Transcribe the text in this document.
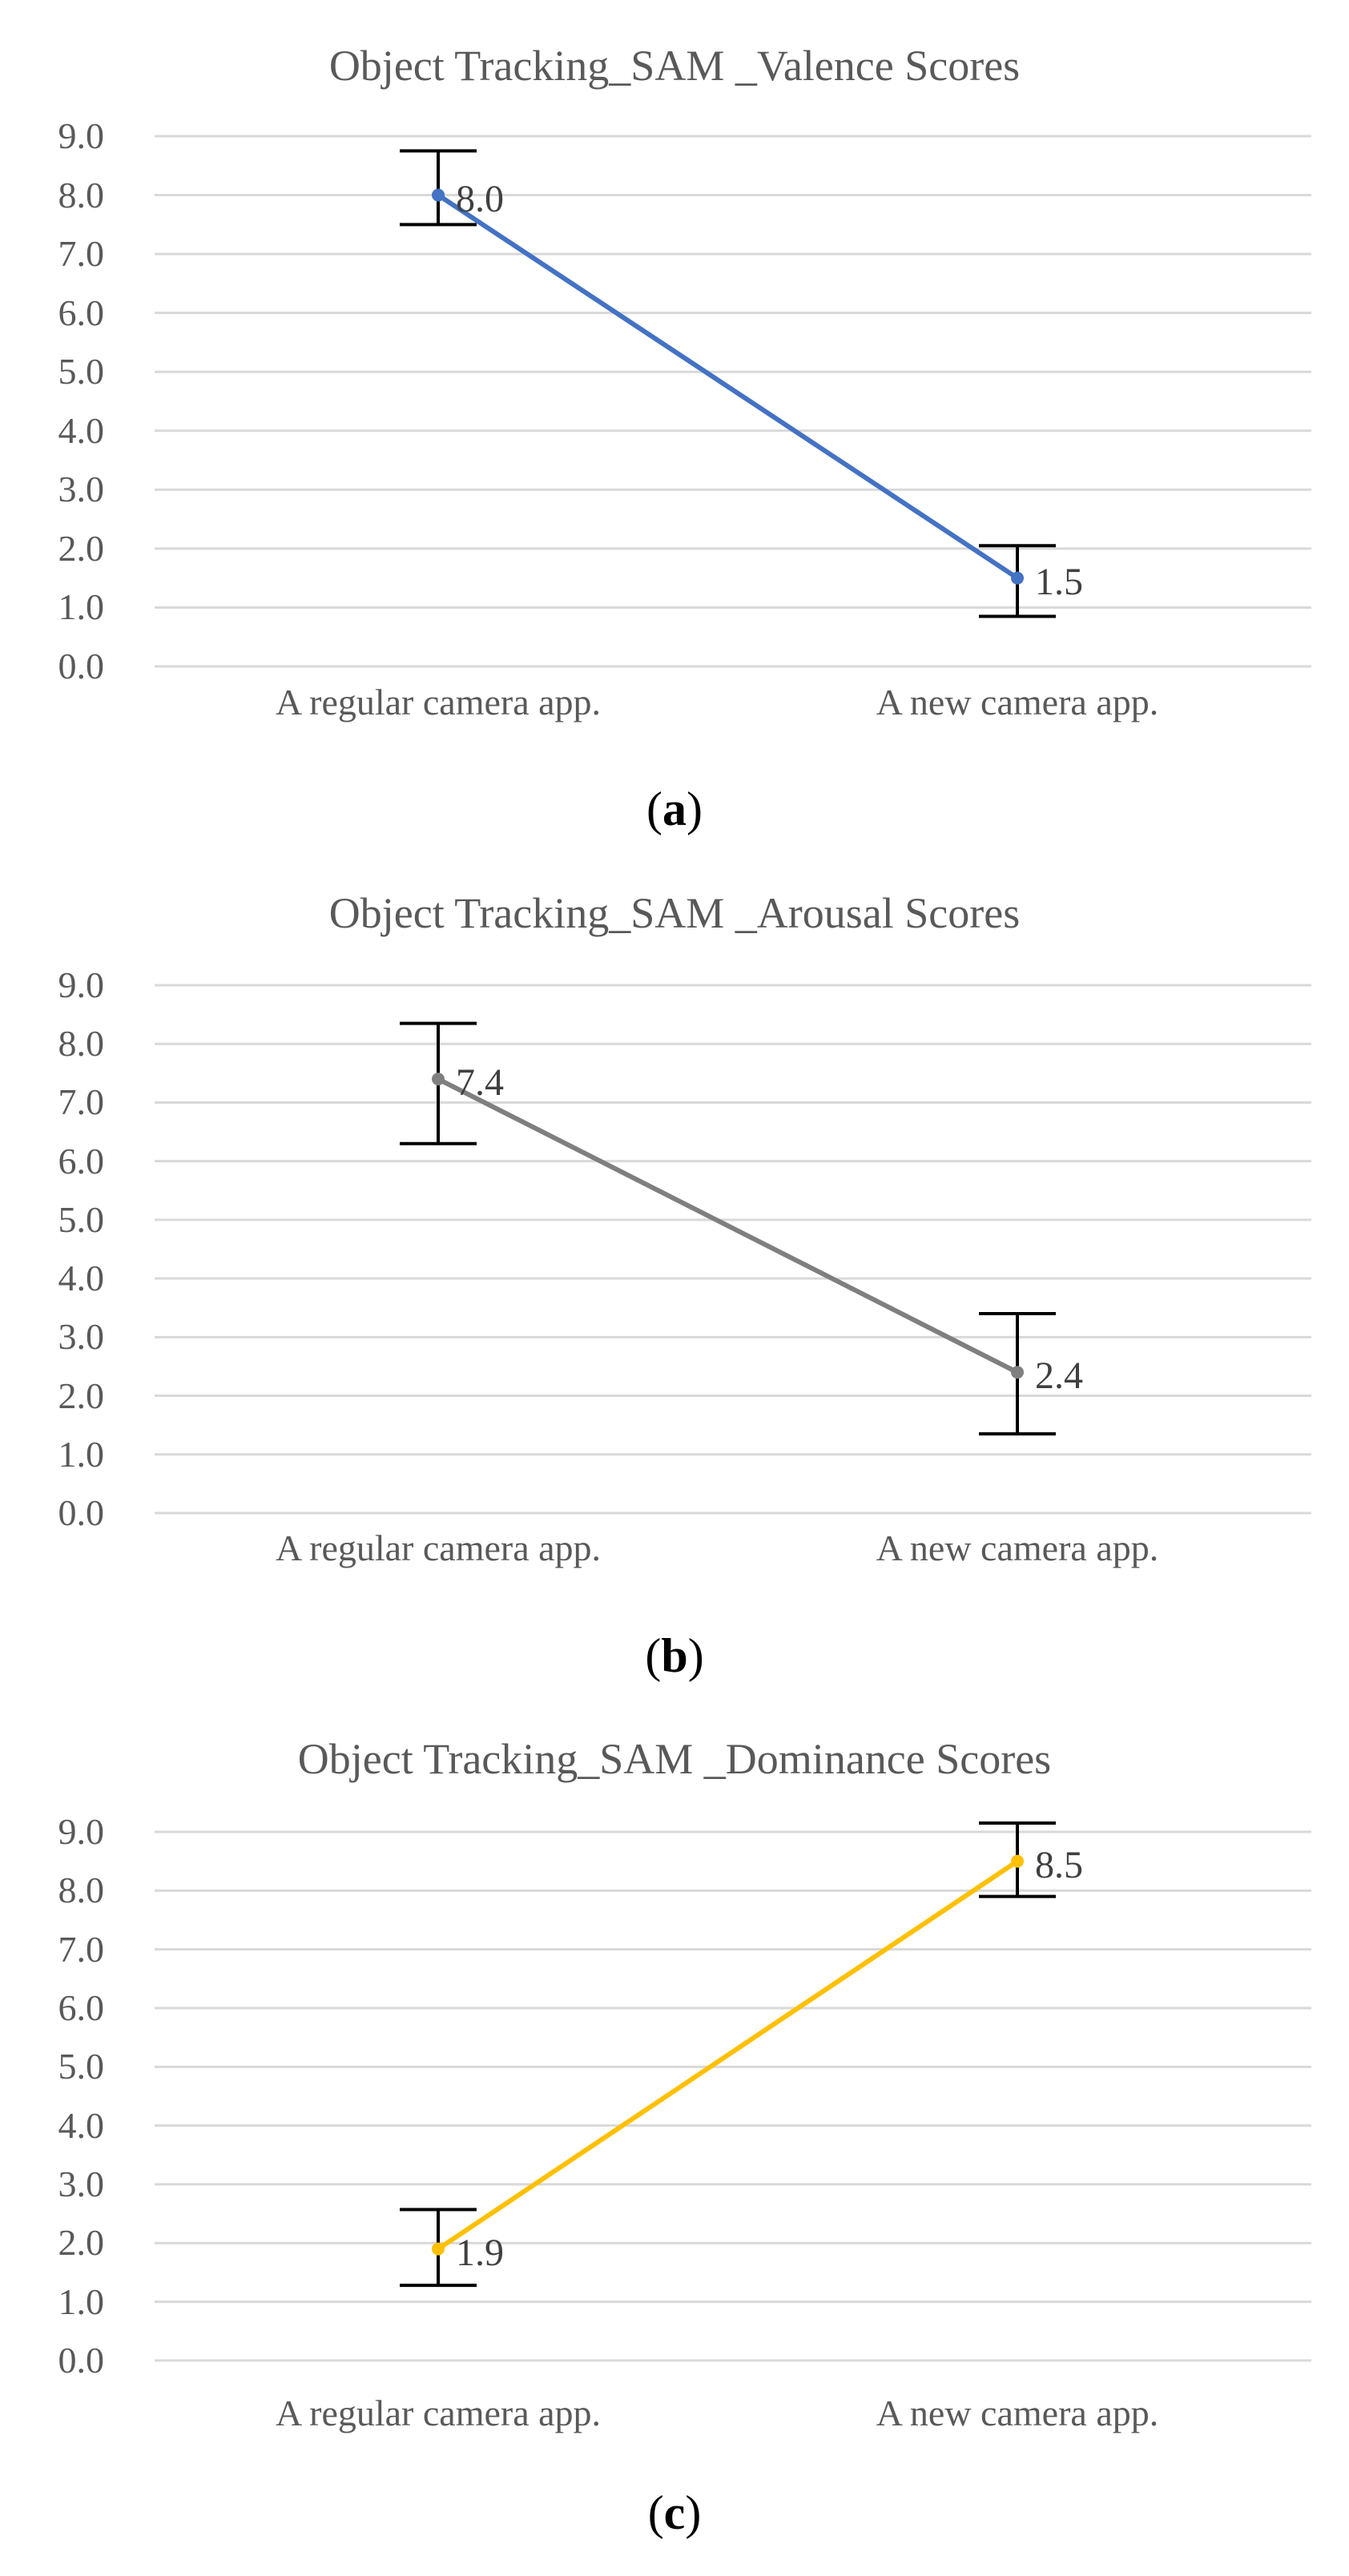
Object Tracking_SAM _Valence Scores
9.0
8.0
7.0
6.0
5.0
4.0
3.0
2.0
1.0
0.0
A regular camera app.	A new camera app.
(a)
8.0
1.5
Object Tracking_SAM _Arousal Scores
9.0
8.0
7.0
6.0
5.0
4.0
3.0
2.0
1.0
0.0
A regular camera app.	A new camera app.
(b)
7.4
2.4
Object Tracking_SAM _Dominance Scores
9.0
8.0
7.0
6.0
5.0
4.0
3.0
2.0
1.0
0.0
A regular camera app.	A new camera app.
(c)
1.9
8.5
